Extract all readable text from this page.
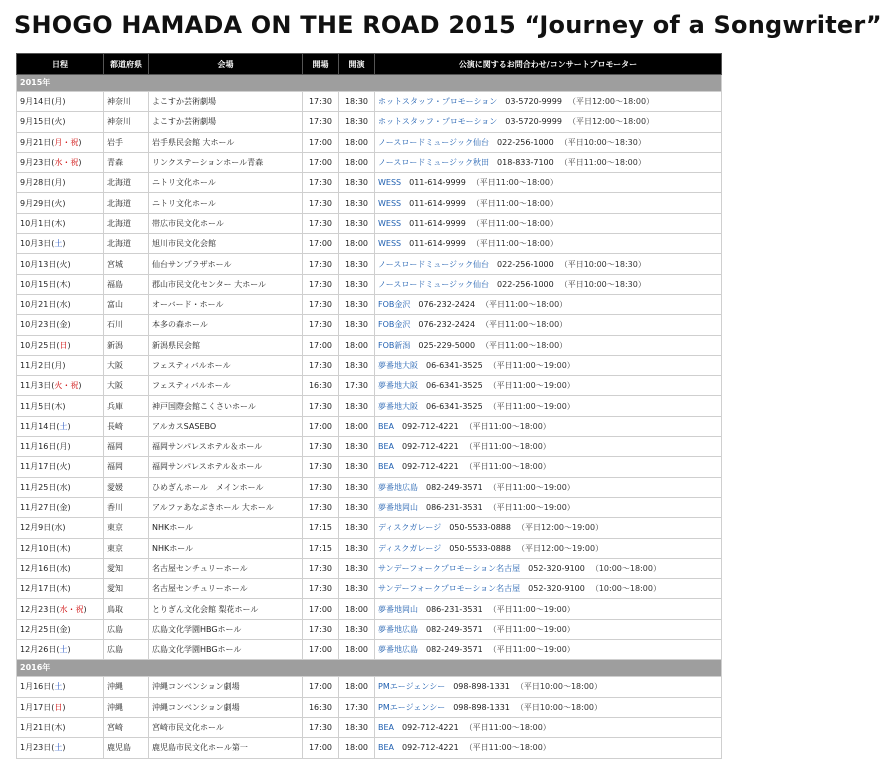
SHOGO HAMADA ON THE ROAD 2015 “Journey of a Songwriter”
日程	都道府県	会場	開場	開演	公演に関するお問合わせ/コンサートプロモーター
2015年					
9月14日(月)	神奈川	よこすか芸術劇場	17:30	18:30	ホットスタッフ・プロモーション 03-5720-9999 （平日12:00～18:00）
9月15日(火)	神奈川	よこすか芸術劇場	17:30	18:30	ホットスタッフ・プロモーション 03-5720-9999 （平日12:00～18:00）
9月21日(月・祝)	岩手	岩手県民会館 大ホール	17:00	18:00	ノースロードミュージック仙台 022-256-1000 （平日10:00～18:30）
9月23日(水・祝)	青森	リンクステーションホール青森	17:00	18:00	ノースロードミュージック秋田 018-833-7100 （平日11:00～18:00）
9月28日(月)	北海道	ニトリ文化ホール	17:30	18:30	WESS 011-614-9999 （平日11:00～18:00）
9月29日(火)	北海道	ニトリ文化ホール	17:30	18:30	WESS 011-614-9999 （平日11:00～18:00）
10月1日(木)	北海道	帯広市民文化ホール	17:30	18:30	WESS 011-614-9999 （平日11:00～18:00）
10月3日(土)	北海道	旭川市民文化会館	17:00	18:00	WESS 011-614-9999 （平日11:00～18:00）
10月13日(火)	宮城	仙台サンプラザホール	17:30	18:30	ノースロードミュージック仙台 022-256-1000 （平日10:00～18:30）
10月15日(木)	福島	郡山市民文化センター 大ホール	17:30	18:30	ノースロードミュージック仙台 022-256-1000 （平日10:00～18:30）
10月21日(水)	富山	オーバード・ホール	17:30	18:30	FOB金沢 076-232-2424 （平日11:00～18:00）
10月23日(金)	石川	本多の森ホール	17:30	18:30	FOB金沢 076-232-2424 （平日11:00～18:00）
10月25日(日)	新潟	新潟県民会館	17:00	18:00	FOB新潟 025-229-5000 （平日11:00～18:00）
11月2日(月)	大阪	フェスティバルホール	17:30	18:30	夢番地大阪 06-6341-3525 （平日11:00～19:00）
11月3日(火・祝)	大阪	フェスティバルホール	16:30	17:30	夢番地大阪 06-6341-3525 （平日11:00～19:00）
11月5日(木)	兵庫	神戸国際会館こくさいホール	17:30	18:30	夢番地大阪 06-6341-3525 （平日11:00～19:00）
11月14日(土)	長崎	アルカスSASEBO	17:00	18:00	BEA 092-712-4221 （平日11:00～18:00）
11月16日(月)	福岡	福岡サンパレスホテル＆ホール	17:30	18:30	BEA 092-712-4221 （平日11:00～18:00）
11月17日(火)	福岡	福岡サンパレスホテル＆ホール	17:30	18:30	BEA 092-712-4221 （平日11:00～18:00）
11月25日(水)	愛媛	ひめぎんホール　メインホール	17:30	18:30	夢番地広島 082-249-3571 （平日11:00～19:00）
11月27日(金)	香川	アルファあなぶきホール 大ホール	17:30	18:30	夢番地岡山 086-231-3531 （平日11:00～19:00）
12月9日(水)	東京	NHKホール	17:15	18:30	ディスクガレージ 050-5533-0888 （平日12:00～19:00）
12月10日(木)	東京	NHKホール	17:15	18:30	ディスクガレージ 050-5533-0888 （平日12:00～19:00）
12月16日(水)	愛知	名古屋センチュリーホール	17:30	18:30	サンデーフォークプロモーション名古屋 052-320-9100 （10:00～18:00）
12月17日(木)	愛知	名古屋センチュリーホール	17:30	18:30	サンデーフォークプロモーション名古屋 052-320-9100 （10:00～18:00）
12月23日(水・祝)	鳥取	とりぎん文化会館 梨花ホール	17:00	18:00	夢番地岡山 086-231-3531 （平日11:00～19:00）
12月25日(金)	広島	広島文化学園HBGホール	17:30	18:30	夢番地広島 082-249-3571 （平日11:00～19:00）
12月26日(土)	広島	広島文化学園HBGホール	17:00	18:00	夢番地広島 082-249-3571 （平日11:00～19:00）
2016年					
1月16日(土)	沖縄	沖縄コンベンション劇場	17:00	18:00	PMエージェンシー 098-898-1331 （平日10:00～18:00）
1月17日(日)	沖縄	沖縄コンベンション劇場	16:30	17:30	PMエージェンシー 098-898-1331 （平日10:00～18:00）
1月21日(木)	宮崎	宮崎市民文化ホール	17:30	18:30	BEA 092-712-4221 （平日11:00～18:00）
1月23日(土)	鹿児島	鹿児島市民文化ホール第一	17:00	18:00	BEA 092-712-4221 （平日11:00～18:00）
